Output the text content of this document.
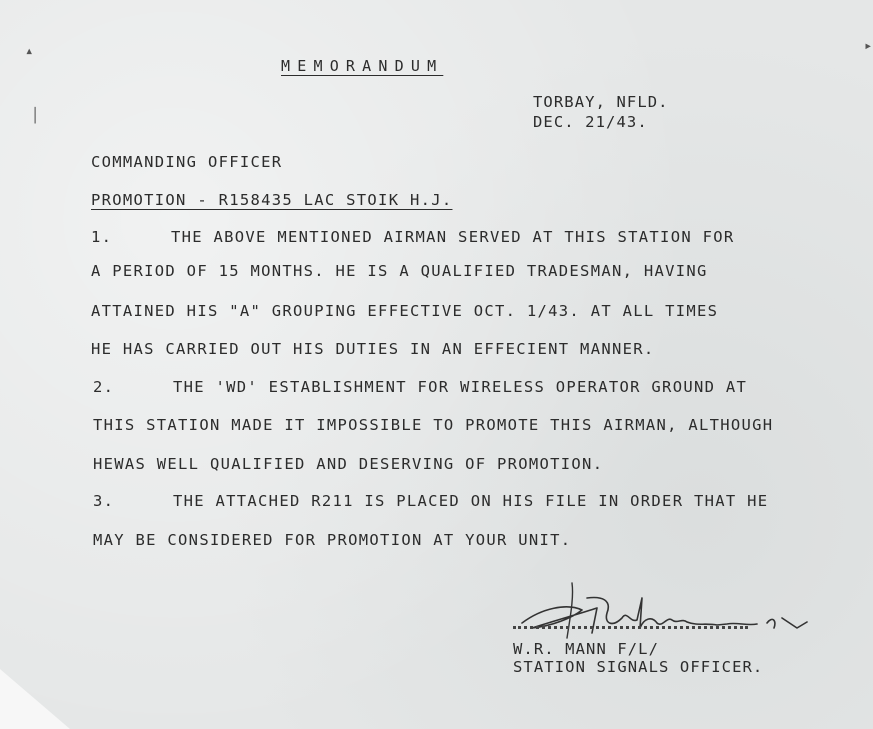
▴
│
▸
MEMORANDUM
TORBAY, NFLD.
DEC. 21/43.
COMMANDING OFFICER
PROMOTION - R158435 LAC STOIK H.J.
1.	THE ABOVE MENTIONED AIRMAN SERVED AT THIS STATION FOR
A PERIOD OF 15 MONTHS. HE IS A QUALIFIED TRADESMAN, HAVING
ATTAINED HIS "A" GROUPING EFFECTIVE OCT. 1/43. AT ALL TIMES
HE HAS CARRIED OUT HIS DUTIES IN AN EFFECIENT MANNER.
2.	THE 'WD' ESTABLISHMENT FOR WIRELESS OPERATOR GROUND AT
THIS STATION MADE IT IMPOSSIBLE TO PROMOTE THIS AIRMAN, ALTHOUGH
HEWAS WELL QUALIFIED AND DESERVING OF PROMOTION.
3.	THE ATTACHED R211 IS PLACED ON HIS FILE IN ORDER THAT HE
MAY BE CONSIDERED FOR PROMOTION AT YOUR UNIT.
W.R. MANN F/L/
STATION SIGNALS OFFICER.
